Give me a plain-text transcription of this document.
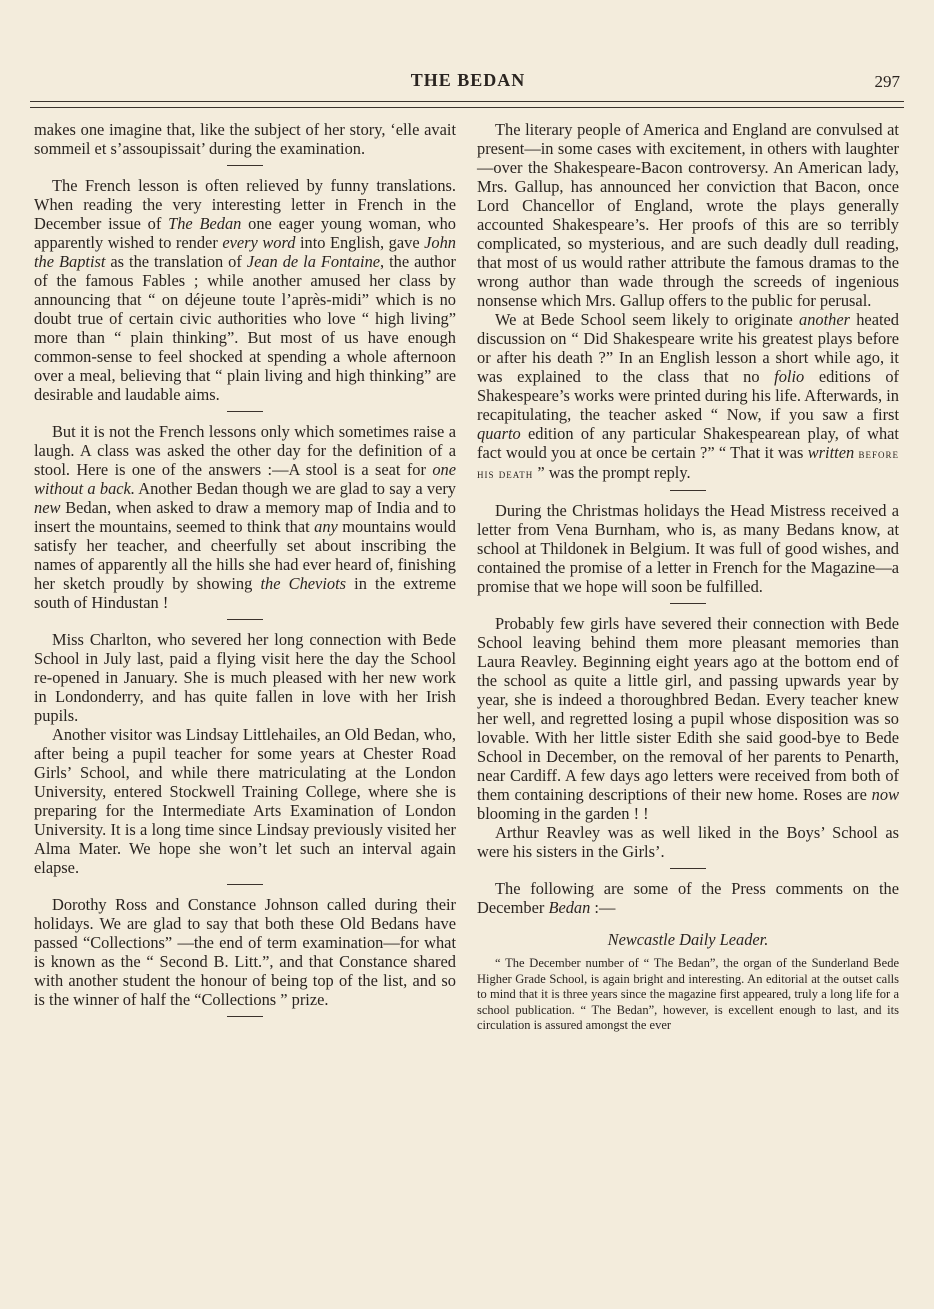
THE BEDAN	297

makes one imagine that, like the subject of her story, ‘elle avait sommeil et s’assoupissait’ during the examination.

The French lesson is often relieved by funny translations. When reading the very interesting letter in French in the December issue of The Bedan one eager young woman, who apparently wished to render every word into English, gave John the Baptist as the translation of Jean de la Fontaine, the author of the famous Fables ; while another amused her class by announcing that “ on déjeune toute l’après-midi” which is no doubt true of certain civic authorities who love “ high living” more than “ plain thinking”. But most of us have enough common-sense to feel shocked at spending a whole afternoon over a meal, believing that “ plain living and high thinking” are desirable and laudable aims.

But it is not the French lessons only which sometimes raise a laugh. A class was asked the other day for the definition of a stool. Here is one of the answers :—A stool is a seat for one without a back. Another Bedan though we are glad to say a very new Bedan, when asked to draw a memory map of India and to insert the mountains, seemed to think that any mountains would satisfy her teacher, and cheerfully set about inscribing the names of apparently all the hills she had ever heard of, finishing her sketch proudly by showing the Cheviots in the extreme south of Hindustan !

Miss Charlton, who severed her long connection with Bede School in July last, paid a flying visit here the day the School re-opened in January. She is much pleased with her new work in Londonderry, and has quite fallen in love with her Irish pupils.

Another visitor was Lindsay Littlehailes, an Old Bedan, who, after being a pupil teacher for some years at Chester Road Girls’ School, and while there matriculating at the London University, entered Stockwell Training College, where she is preparing for the Intermediate Arts Examination of London University. It is a long time since Lindsay previously visited her Alma Mater. We hope she won’t let such an interval again elapse.

Dorothy Ross and Constance Johnson called during their holidays. We are glad to say that both these Old Bedans have passed “Collections” —the end of term examination—for what is known as the “ Second B. Litt.”, and that Constance shared with another student the honour of being top of the list, and so is the winner of half the “Collections ” prize.

The literary people of America and England are convulsed at present—in some cases with excitement, in others with laughter—over the Shakespeare-Bacon controversy. An American lady, Mrs. Gallup, has announced her conviction that Bacon, once Lord Chancellor of England, wrote the plays generally accounted Shakespeare’s. Her proofs of this are so terribly complicated, so mysterious, and are such deadly dull reading, that most of us would rather attribute the famous dramas to the wrong author than wade through the screeds of ingenious nonsense which Mrs. Gallup offers to the public for perusal.

We at Bede School seem likely to originate another heated discussion on “ Did Shakespeare write his greatest plays before or after his death ?” In an English lesson a short while ago, it was explained to the class that no folio editions of Shakespeare’s works were printed during his life. Afterwards, in recapitulating, the teacher asked “ Now, if you saw a first quarto edition of any particular Shakespearean play, of what fact would you at once be certain ?” “ That it was written before his death ” was the prompt reply.

During the Christmas holidays the Head Mistress received a letter from Vena Burnham, who is, as many Bedans know, at school at Thildonek in Belgium. It was full of good wishes, and contained the promise of a letter in French for the Magazine—a promise that we hope will soon be fulfilled.

Probably few girls have severed their connection with Bede School leaving behind them more pleasant memories than Laura Reavley. Beginning eight years ago at the bottom end of the school as quite a little girl, and passing upwards year by year, she is indeed a thoroughbred Bedan. Every teacher knew her well, and regretted losing a pupil whose disposition was so lovable. With her little sister Edith she said good-bye to Bede School in December, on the removal of her parents to Penarth, near Cardiff. A few days ago letters were received from both of them containing descriptions of their new home. Roses are now blooming in the garden ! !

Arthur Reavley was as well liked in the Boys’ School as were his sisters in the Girls’.

The following are some of the Press comments on the December Bedan :—

Newcastle Daily Leader.

“ The December number of “ The Bedan”, the organ of the Sunderland Bede Higher Grade School, is again bright and interesting. An editorial at the outset calls to mind that it is three years since the magazine first appeared, truly a long life for a school publication. “ The Bedan”, however, is excellent enough to last, and its circulation is assured amongst the ever
